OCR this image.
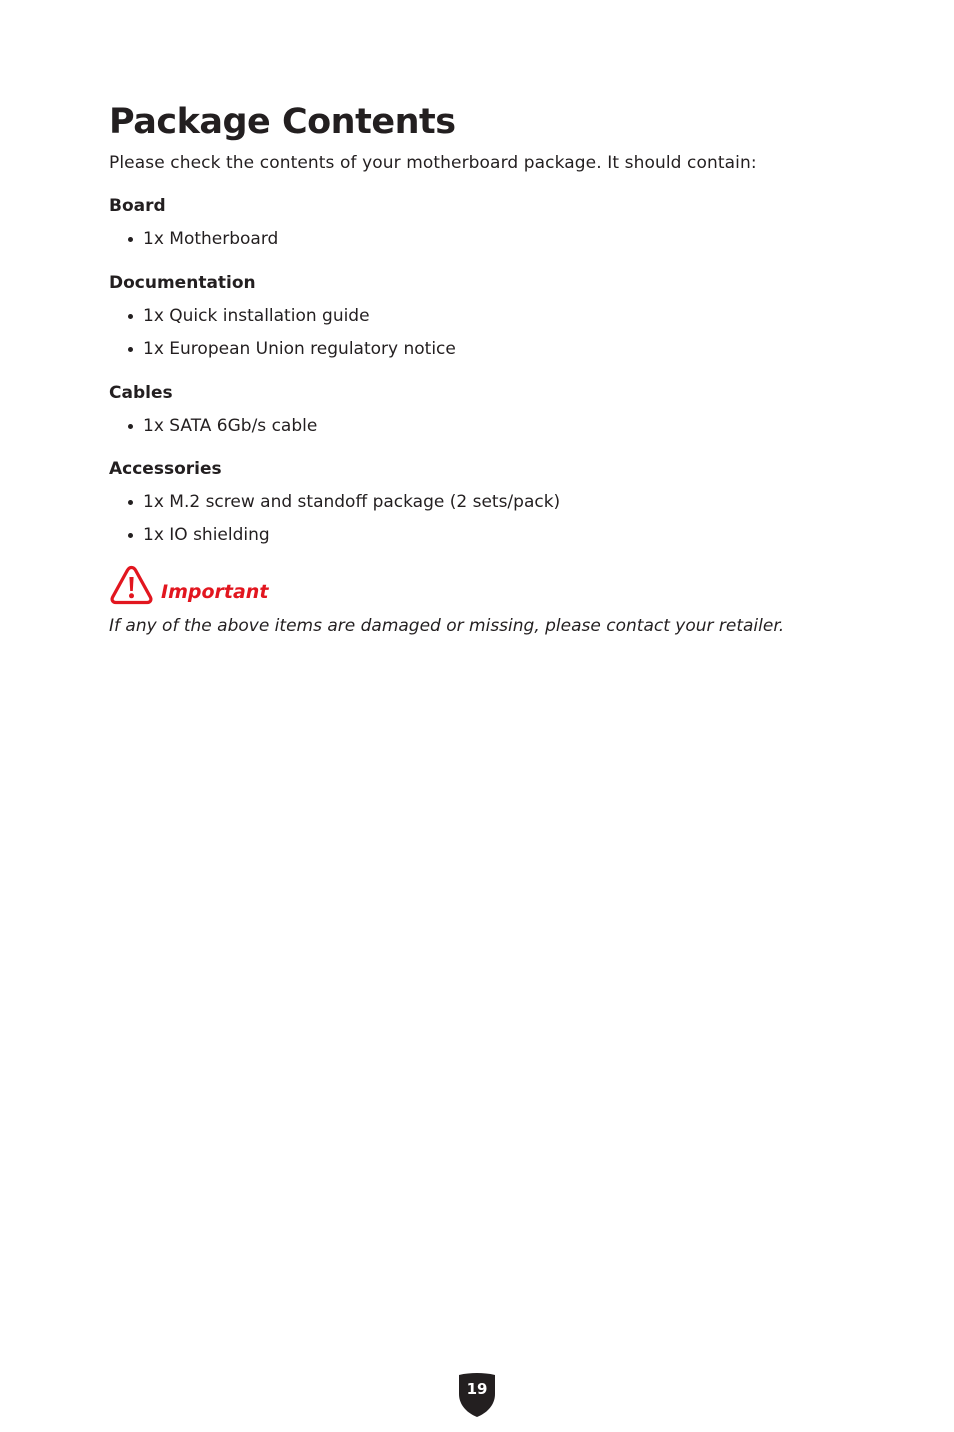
Package Contents

Please check the contents of your motherboard package. It should contain:

Board
1x Motherboard
Documentation
1x Quick installation guide
1x European Union regulatory notice
Cables
1x SATA 6Gb/s cable
Accessories
1x M.2 screw and standoff package (2 sets/pack)
1x IO shielding
Important

If any of the above items are damaged or missing, please contact your retailer.

19
